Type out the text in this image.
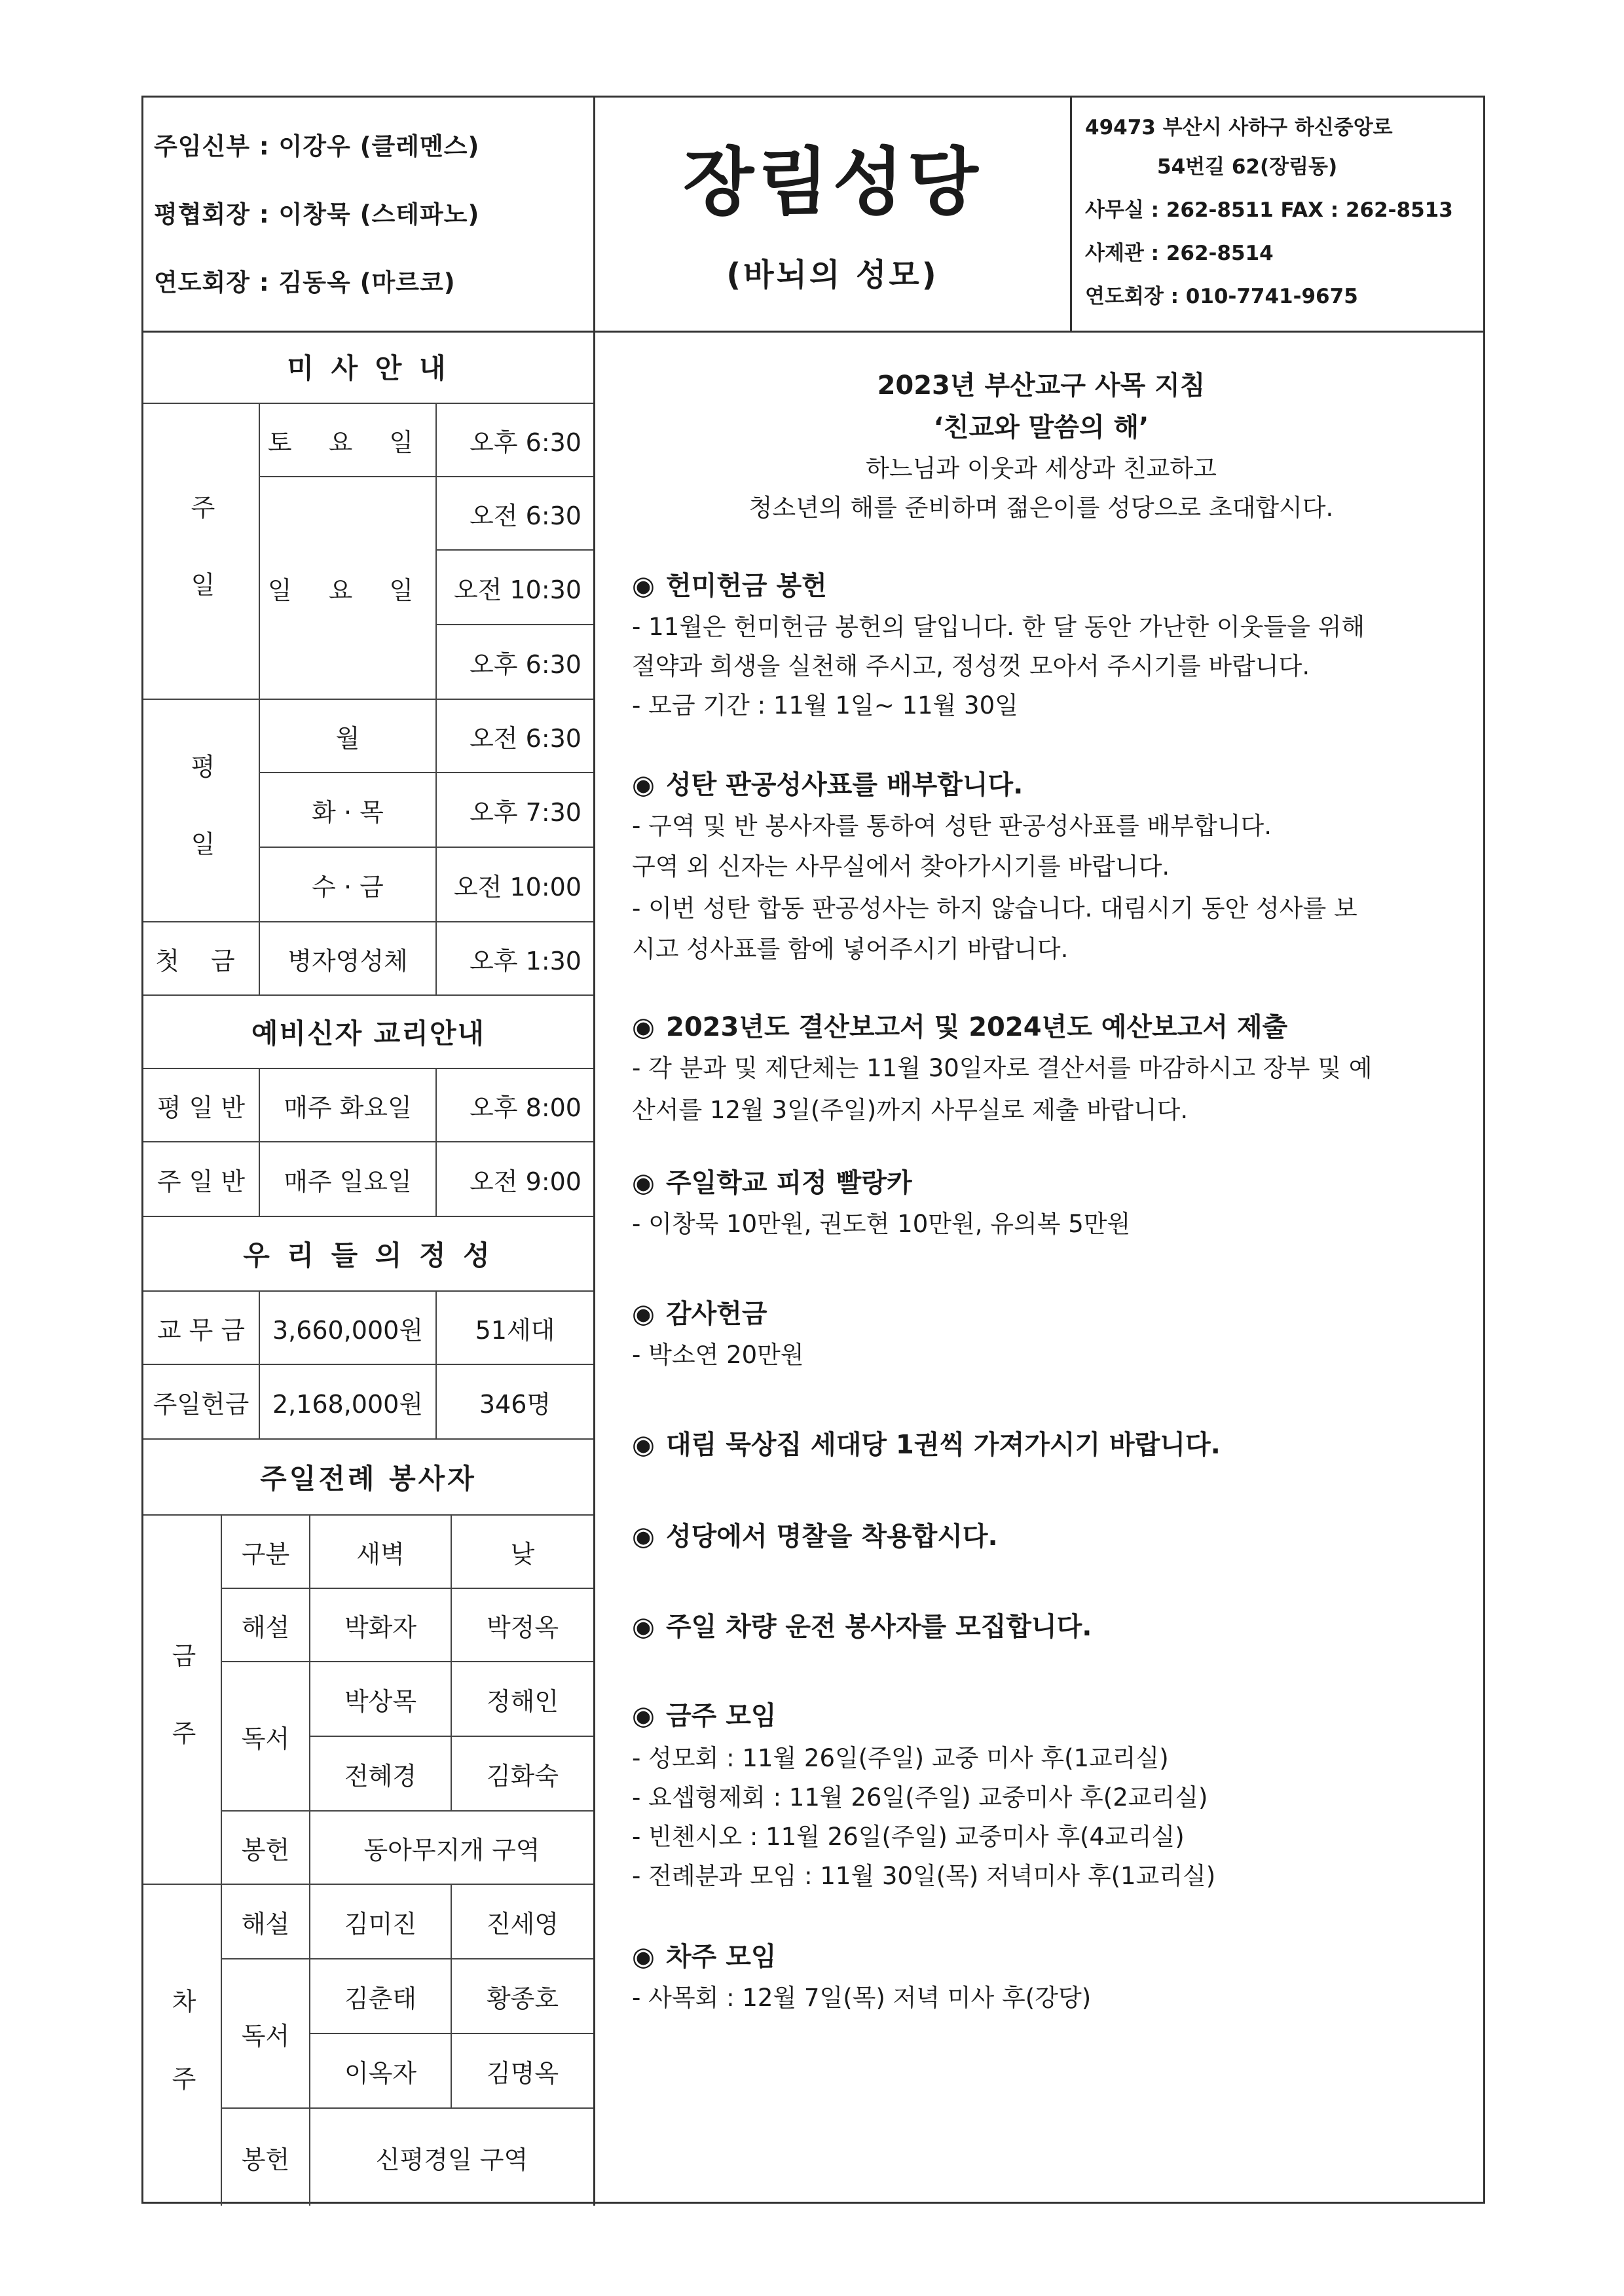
주임신부 : 이강우 (클레멘스)
평협회장 : 이창묵 (스테파노)
연도회장 : 김동옥 (마르코)
장림성당
(바뇌의 성모)
49473 부산시 사하구 하신중앙로
54번길 62(장림동)
사무실 : 262-8511 FAX : 262-8513
사제관 : 262-8514
연도회장 : 010-7741-9675
미 사 안 내
주 일
토 요 일	오후 6:30
일 요 일
오전 6:30
오전 10:30
오후 6:30
평 일
월	오전 6:30
화 · 목	오후 7:30
수 · 금	오전 10:00
첫 금	병자영성체	오후 1:30
예비신자 교리안내
평 일 반	매주 화요일	오후 8:00
주 일 반	매주 일요일	오전 9:00
우 리 들 의 정 성
교 무 금	3,660,000원	51세대
주일헌금 2,168,000원	346명
주일전례 봉사자
금 주
구분	새벽	낮
해설	박화자	박정옥
독서
박상목	정해인
전혜경	김화숙
봉헌	동아무지개 구역
차 주
해설	김미진	진세영
독서
김춘태	황종호
이옥자	김명옥
봉헌	신평경일 구역
2023년 부산교구 사목 지침
‘친교와 말씀의 해’
하느님과 이웃과 세상과 친교하고
청소년의 해를 준비하며 젊은이를 성당으로 초대합시다.
◉ 헌미헌금 봉헌
- 11월은 헌미헌금 봉헌의 달입니다. 한 달 동안 가난한 이웃들을 위해
절약과 희생을 실천해 주시고, 정성껏 모아서 주시기를 바랍니다.
- 모금 기간 : 11월 1일~ 11월 30일
◉ 성탄 판공성사표를 배부합니다.
- 구역 및 반 봉사자를 통하여 성탄 판공성사표를 배부합니다.
구역 외 신자는 사무실에서 찾아가시기를 바랍니다.
- 이번 성탄 합동 판공성사는 하지 않습니다. 대림시기 동안 성사를 보
시고 성사표를 함에 넣어주시기 바랍니다.
◉ 2023년도 결산보고서 및 2024년도 예산보고서 제출
- 각 분과 및 제단체는 11월 30일자로 결산서를 마감하시고 장부 및 예
산서를 12월 3일(주일)까지 사무실로 제출 바랍니다.
◉ 주일학교 피정 빨랑카
- 이창묵 10만원, 권도현 10만원, 유의복 5만원
◉ 감사헌금
- 박소연 20만원
◉ 대림 묵상집 세대당 1권씩 가져가시기 바랍니다.
◉ 성당에서 명찰을 착용합시다.
◉ 주일 차량 운전 봉사자를 모집합니다.
◉ 금주 모임
- 성모회 : 11월 26일(주일) 교중 미사 후(1교리실)
- 요셉형제회 : 11월 26일(주일) 교중미사 후(2교리실)
- 빈첸시오 : 11월 26일(주일) 교중미사 후(4교리실)
- 전례분과 모임 : 11월 30일(목) 저녁미사 후(1교리실)
◉ 차주 모임
- 사목회 : 12월 7일(목) 저녁 미사 후(강당)
